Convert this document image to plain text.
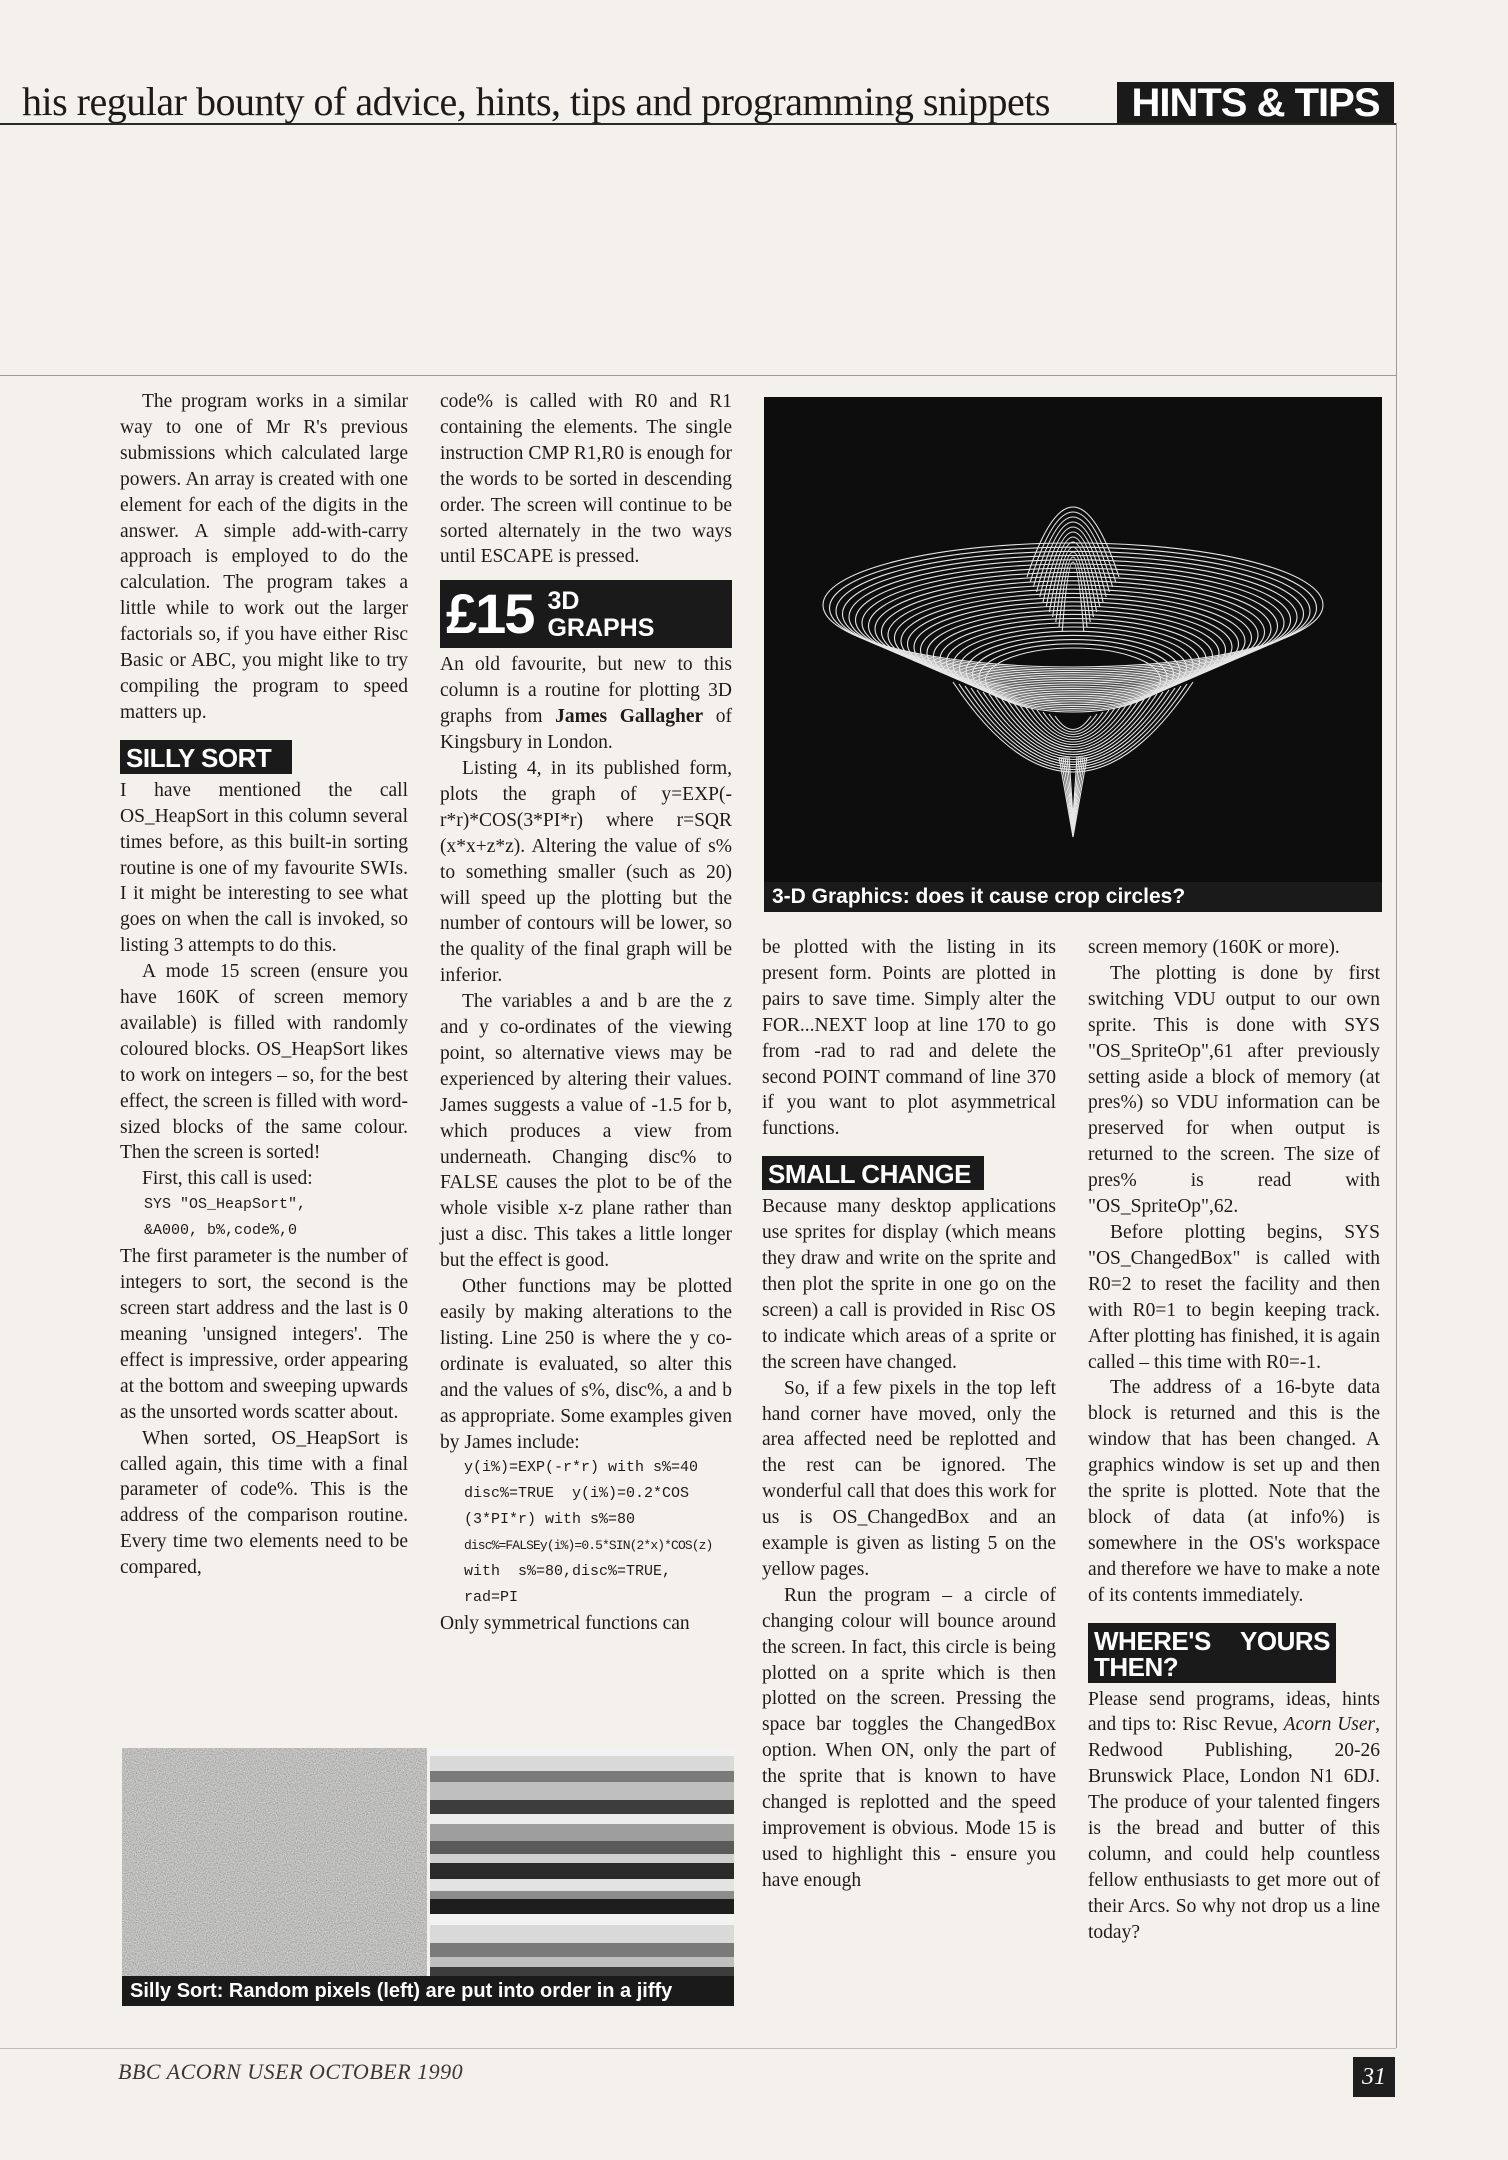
his regular bounty of advice, hints, tips and programming snippets	HINTS & TIPS

The program works in a similar way to one of Mr R's previous submissions which calculated large powers. An array is created with one element for each of the digits in the answer. A simple add-with-carry approach is employed to do the calculation. The program takes a little while to work out the larger factorials so, if you have either Risc Basic or ABC, you might like to try compiling the program to speed matters up.

SILLY SORT

I have mentioned the call OS_HeapSort in this column several times before, as this built-in sorting routine is one of my favourite SWIs. I it might be interesting to see what goes on when the call is invoked, so listing 3 attempts to do this.

A mode 15 screen (ensure you have 160K of screen memory available) is filled with randomly coloured blocks. OS_HeapSort likes to work on integers – so, for the best effect, the screen is filled with word-sized blocks of the same colour. Then the screen is sorted!

First, this call is used:

SYS "OS_HeapSort",
&A000, b%,code%,0

The first parameter is the number of integers to sort, the second is the screen start address and the last is 0 meaning 'unsigned integers'. The effect is impressive, order appearing at the bottom and sweeping upwards as the unsorted words scatter about.

When sorted, OS_HeapSort is called again, this time with a final parameter of code%. This is the address of the comparison routine. Every time two elements need to be compared,

code% is called with R0 and R1 containing the elements. The single instruction CMP R1,R0 is enough for the words to be sorted in descending order. The screen will continue to be sorted alternately in the two ways until ESCAPE is pressed.

£15 3D
GRAPHS

An old favourite, but new to this column is a routine for plotting 3D graphs from James Gallagher of Kingsbury in London.

Listing 4, in its published form, plots the graph of y=EXP(-r*r)*COS(3*PI*r) where r=SQR (x*x+z*z). Altering the value of s% to something smaller (such as 20) will speed up the plotting but the number of contours will be lower, so the quality of the final graph will be inferior.

The variables a and b are the z and y co-ordinates of the viewing point, so alternative views may be experienced by altering their values. James suggests a value of -1.5 for b, which produces a view from underneath. Changing disc% to FALSE causes the plot to be of the whole visible x-z plane rather than just a disc. This takes a little longer but the effect is good.

Other functions may be plotted easily by making alterations to the listing. Line 250 is where the y co-ordinate is evaluated, so alter this and the values of s%, disc%, a and b as appropriate. Some examples given by James include:

y(i%)=EXP(-r*r) with s%=40
disc%=TRUE  y(i%)=0.2*COS
(3*PI*r) with s%=80
disc%=FALSEy(i%)=0.5*SIN(2*x)*COS(z)
with  s%=80,disc%=TRUE,
rad=PI

Only symmetrical functions can

3-D Graphics: does it cause crop circles?

be plotted with the listing in its present form. Points are plotted in pairs to save time. Simply alter the FOR...NEXT loop at line 170 to go from -rad to rad and delete the second POINT command of line 370 if you want to plot asymmetrical functions.

SMALL CHANGE

Because many desktop applications use sprites for display (which means they draw and write on the sprite and then plot the sprite in one go on the screen) a call is provided in Risc OS to indicate which areas of a sprite or the screen have changed.

So, if a few pixels in the top left hand corner have moved, only the area affected need be replotted and the rest can be ignored. The wonderful call that does this work for us is OS_ChangedBox and an example is given as listing 5 on the yellow pages.

Run the program – a circle of changing colour will bounce around the screen. In fact, this circle is being plotted on a sprite which is then plotted on the screen. Pressing the space bar toggles the ChangedBox option. When ON, only the part of the sprite that is known to have changed is replotted and the speed improvement is obvious. Mode 15 is used to highlight this - ensure you have enough

screen memory (160K or more).

The plotting is done by first switching VDU output to our own sprite. This is done with SYS "OS_SpriteOp",61 after previously setting aside a block of memory (at pres%) so VDU information can be preserved for when output is returned to the screen. The size of pres% is read with "OS_SpriteOp",62.

Before plotting begins, SYS "OS_ChangedBox" is called with R0=2 to reset the facility and then with R0=1 to begin keeping track. After plotting has finished, it is again called – this time with R0=-1.

The address of a 16-byte data block is returned and this is the window that has been changed. A graphics window is set up and then the sprite is plotted. Note that the block of data (at info%) is somewhere in the OS's workspace and therefore we have to make a note of its contents immediately.

WHERE'S YOURS THEN?

Please send programs, ideas, hints and tips to: Risc Revue, Acorn User, Redwood Publishing, 20-26 Brunswick Place, London N1 6DJ. The produce of your talented fingers is the bread and butter of this column, and could help countless fellow enthusiasts to get more out of their Arcs. So why not drop us a line today?

Silly Sort: Random pixels (left) are put into order in a jiffy
BBC ACORN USER OCTOBER 1990	31
